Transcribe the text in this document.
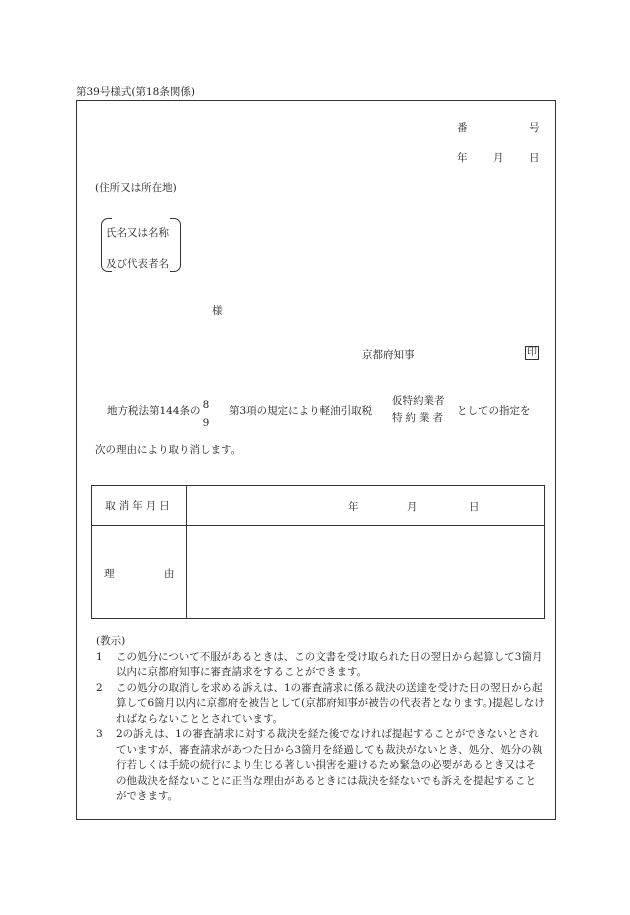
第39号様式(第18条関係)
番	号
年 月 日
(住所又は所在地)
氏名又は名称
及び代表者名
様
京都府知事	印
地方税法第144条の 8
9
第3項の規定により軽油引取税
仮特約業者
特約業者
としての指定を
次の理由により取り消します。
取消年月日	年 月 日

理 由	

(教示)
1 この処分について不服があるときは、この文書を受け取られた日の翌日から起算して3箇月以内に京都府知事に審査請求をすることができます。
2 この処分の取消しを求める訴えは、1の審査請求に係る裁決の送達を受けた日の翌日から起算して6箇月以内に京都府を被告として(京都府知事が被告の代表者となります。)提起しなければならないこととされています。
3 2の訴えは、1の審査請求に対する裁決を経た後でなければ提起することができないとされていますが、審査請求があつた日から3箇月を経過しても裁決がないとき、処分、処分の執行若しくは手続の続行により生じる著しい損害を避けるため緊急の必要があるとき又はその他裁決を経ないことに正当な理由があるときには裁決を経ないでも訴えを提起することができます。
